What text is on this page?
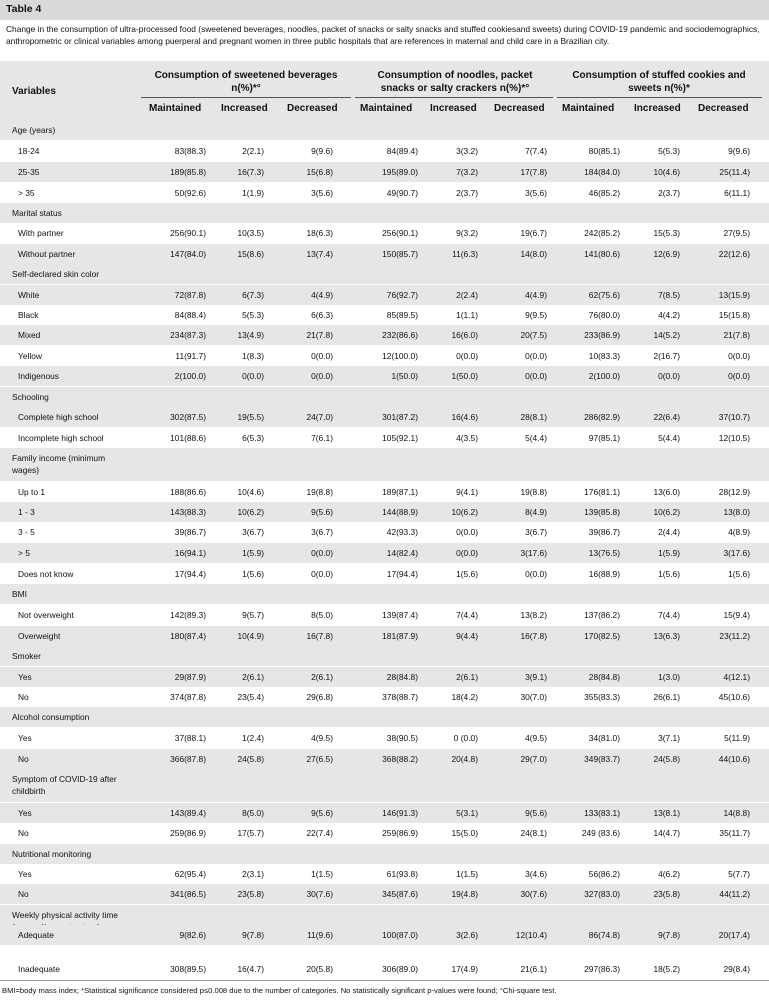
Table 4
Change in the consumption of ultra-processed food (sweetened beverages, noodles, packet of snacks or salty snacks and stuffed cookiesand sweets) during COVID-19 pandemic and sociodemographics, anthropometric or clinical variables among puerperal and pregnant women in three public hospitals that are references in maternal and child care in a Brazilian city.
Variables
Consumption of sweetened beverages
n(%)*°
Consumption of noodles, packet
snacks or salty crackers n(%)*°
Consumption of stuffed cookies and
sweets n(%)*
Maintained Increased Decreased Maintained Increased Decreased Maintained Increased Decreased
Age (years)
18-24	83(88.3)	2(2.1)	9(9.6)	84(89.4)	3(3.2)	7(7.4)	80(85.1)	5(5.3)	9(9.6)
25-35	189(85.8)	16(7.3)	15(6.8)	195(89.0)	7(3.2)	17(7.8)	184(84.0)	10(4.6)	25(11.4)
> 35	50(92.6)	1(1.9)	3(5.6)	49(90.7)	2(3.7)	3(5.6)	46(85.2)	2(3.7)	6(11.1)
Marital status
With partner	256(90.1)	10(3.5)	18(6.3)	256(90.1)	9(3.2)	19(6.7)	242(85.2)	15(5.3)	27(9.5)
Without partner	147(84.0)	15(8.6)	13(7.4)	150(85.7)	11(6.3)	14(8.0)	141(80.6)	12(6.9)	22(12.6)
Self-declared skin color
White	72(87.8)	6(7.3)	4(4.9)	76(92.7)	2(2.4)	4(4.9)	62(75.6)	7(8.5)	13(15.9)
Black	84(88.4)	5(5.3)	6(6.3)	85(89.5)	1(1.1)	9(9.5)	76(80.0)	4(4.2)	15(15.8)
Mixed	234(87.3)	13(4.9)	21(7.8)	232(86.6)	16(6.0)	20(7.5)	233(86.9)	14(5.2)	21(7.8)
Yellow	11(91.7)	1(8.3)	0(0.0)	12(100.0)	0(0.0)	0(0.0)	10(83.3)	2(16.7)	0(0.0)
Indigenous	2(100.0)	0(0.0)	0(0.0)	1(50.0)	1(50.0)	0(0.0)	2(100.0)	0(0.0)	0(0.0)
Schooling
Complete high school	302(87.5)	19(5.5)	24(7.0)	301(87.2)	16(4.6)	28(8.1)	286(82.9)	22(6.4)	37(10.7)
Incomplete high school	101(88.6)	6(5.3)	7(6.1)	105(92.1)	4(3.5)	5(4.4)	97(85.1)	5(4.4)	12(10.5)
Family income (minimum wages)
Up to 1	188(86.6)	10(4.6)	19(8.8)	189(87.1)	9(4.1)	19(8.8)	176(81.1)	13(6.0)	28(12.9)
1 - 3	143(88.3)	10(6.2)	9(5.6)	144(88.9)	10(6.2)	8(4.9)	139(85.8)	10(6.2)	13(8.0)
3 - 5	39(86.7)	3(6.7)	3(6.7)	42(93.3)	0(0.0)	3(6.7)	39(86.7)	2(4.4)	4(8.9)
> 5	16(94.1)	1(5.9)	0(0.0)	14(82.4)	0(0.0)	3(17.6)	13(76.5)	1(5.9)	3(17.6)
Does not know	17(94.4)	1(5.6)	0(0.0)	17(94.4)	1(5.6)	0(0.0)	16(88.9)	1(5.6)	1(5.6)
BMI
Not overweight	142(89.3)	9(5.7)	8(5.0)	139(87.4)	7(4.4)	13(8.2)	137(86.2)	7(4.4)	15(9.4)
Overweight	180(87.4)	10(4.9)	16(7.8)	181(87.9)	9(4.4)	16(7.8)	170(82.5)	13(6.3)	23(11.2)
Smoker
Yes	29(87.9)	2(6.1)	2(6.1)	28(84.8)	2(6.1)	3(9.1)	28(84.8)	1(3.0)	4(12.1)
No	374(87.8)	23(5.4)	29(6.8)	378(88.7)	18(4.2)	30(7.0)	355(83.3)	26(6.1)	45(10.6)
Alcohol consumption
Yes	37(88.1)	1(2.4)	4(9.5)	38(90.5)	0 (0.0)	4(9.5)	34(81.0)	3(7.1)	5(11.9)
No	366(87.8)	24(5.8)	27(6.5)	368(88.2)	20(4.8)	29(7.0)	349(83.7)	24(5.8)	44(10.6)
Symptom of COVID-19 after childbirth
Yes	143(89.4)	8(5.0)	9(5.6)	146(91.3)	5(3.1)	9(5.6)	133(83.1)	13(8.1)	14(8.8)
No	259(86.9)	17(5.7)	22(7.4)	259(86.9)	15(5.0)	24(8.1)	249 (83.6)	14(4.7)	35(11.7)
Nutritional monitoring
Yes	62(95.4)	2(3.1)	1(1.5)	61(93.8)	1(1.5)	3(4.6)	56(86.2)	4(6.2)	5(7.7)
No	341(86.5)	23(5.8)	30(7.6)	345(87.6)	19(4.8)	30(7.6)	327(83.0)	23(5.8)	44(11.2)
Weekly physical activity time
Adequate	9(82.6)	9(7.8)	11(9.6)	100(87.0)	3(2.6)	12(10.4)	86(74.8)	9(7.8)	20(17.4)
Inadequate	308(89.5)	16(4.7)	20(5.8)	306(89.0)	17(4.9)	21(6.1)	297(86.3)	18(5.2)	29(8.4)
BMI=body mass index; *Statistical significance considered p≤0.008 due to the number of categories. No statistically significant p-values were found; °Chi-square test.
